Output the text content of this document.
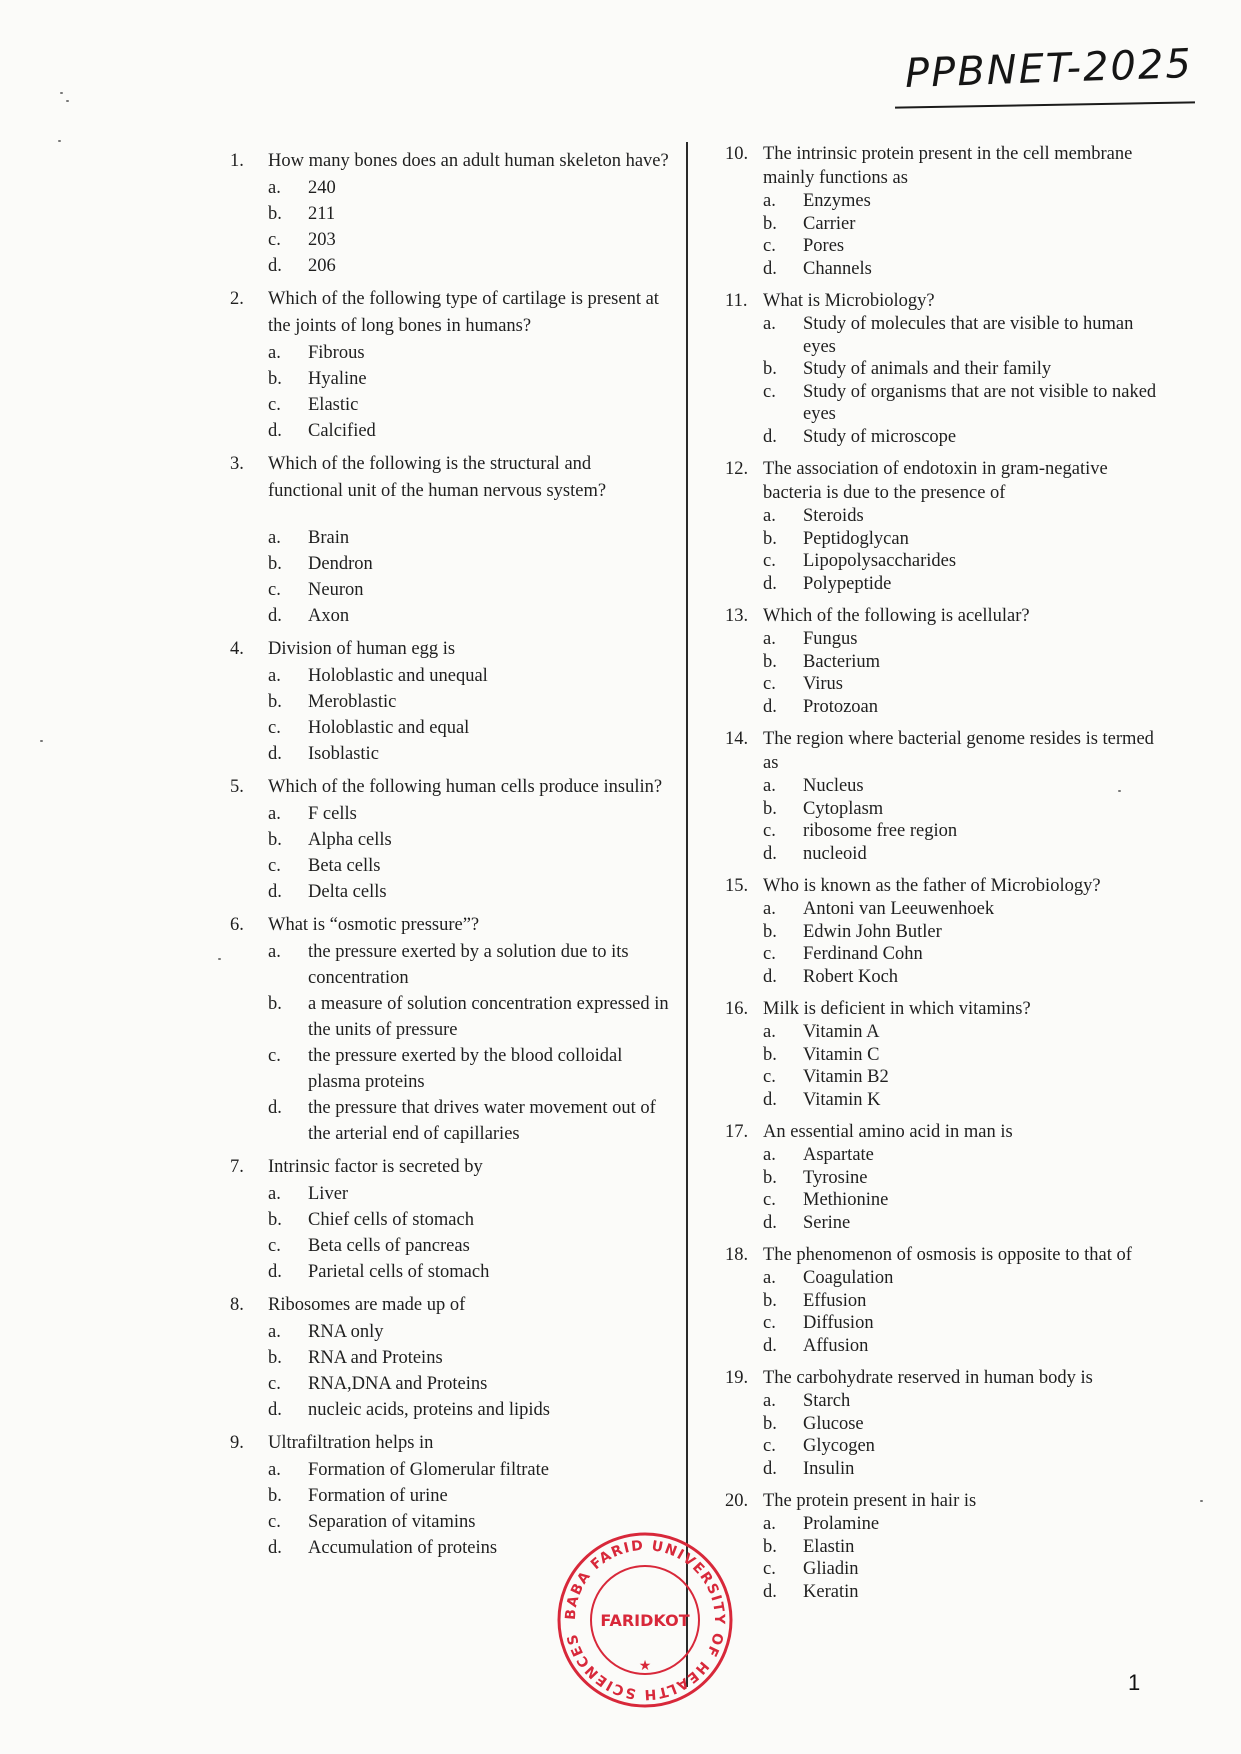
PPBNET-2025
1.	How many bones does an adult human skeleton have?
a.	240
b.	211
c.	203
d.	206
2.	Which of the following type of cartilage is present at the joints of long bones in humans?
a.	Fibrous
b.	Hyaline
c.	Elastic
d.	Calcified
3.	Which of the following is the structural and functional unit of the human nervous system?
a.	Brain
b.	Dendron
c.	Neuron
d.	Axon
4.	Division of human egg is
a.	Holoblastic and unequal
b.	Meroblastic
c.	Holoblastic and equal
d.	Isoblastic
5.	Which of the following human cells produce insulin?
a.	F cells
b.	Alpha cells
c.	Beta cells
d.	Delta cells
6.	What is “osmotic pressure”?
a.	the pressure exerted by a solution due to its concentration
b.	a measure of solution concentration expressed in the units of pressure
c.	the pressure exerted by the blood colloidal plasma proteins
d.	the pressure that drives water movement out of the arterial end of capillaries
7.	Intrinsic factor is secreted by
a.	Liver
b.	Chief cells of stomach
c.	Beta cells of pancreas
d.	Parietal cells of stomach
8.	Ribosomes are made up of
a.	RNA only
b.	RNA and Proteins
c.	RNA,DNA and Proteins
d.	nucleic acids, proteins and lipids
9.	Ultrafiltration helps in
a.	Formation of Glomerular filtrate
b.	Formation of urine
c.	Separation of vitamins
d.	Accumulation of proteins
10. The intrinsic protein present in the cell membrane mainly functions as
a.	Enzymes
b.	Carrier
c.	Pores
d.	Channels
11. What is Microbiology?
a.	Study of molecules that are visible to human eyes
b.	Study of animals and their family
c.	Study of organisms that are not visible to naked eyes
d.	Study of microscope
12. The association of endotoxin in gram-negative bacteria is due to the presence of
a.	Steroids
b.	Peptidoglycan
c.	Lipopolysaccharides
d.	Polypeptide
13. Which of the following is acellular?
a.	Fungus
b.	Bacterium
c.	Virus
d.	Protozoan
14. The region where bacterial genome resides is termed as
a.	Nucleus
b.	Cytoplasm
c.	ribosome free region
d.	nucleoid
15. Who is known as the father of Microbiology?
a.	Antoni van Leeuwenhoek
b.	Edwin John Butler
c.	Ferdinand Cohn
d.	Robert Koch
16. Milk is deficient in which vitamins?
a.	Vitamin A
b.	Vitamin C
c.	Vitamin B2
d.	Vitamin K
17. An essential amino acid in man is
a.	Aspartate
b.	Tyrosine
c.	Methionine
d.	Serine
18. The phenomenon of osmosis is opposite to that of
a.	Coagulation
b.	Effusion
c.	Diffusion
d.	Affusion
19. The carbohydrate reserved in human body is
a.	Starch
b.	Glucose
c.	Glycogen
d.	Insulin
20. The protein present in hair is
a.	Prolamine
b.	Elastin
c.	Gliadin
d.	Keratin
BABA FARID UNIVERSITY OF HEALTH SCIENCES
FARIDKOT
★
1
